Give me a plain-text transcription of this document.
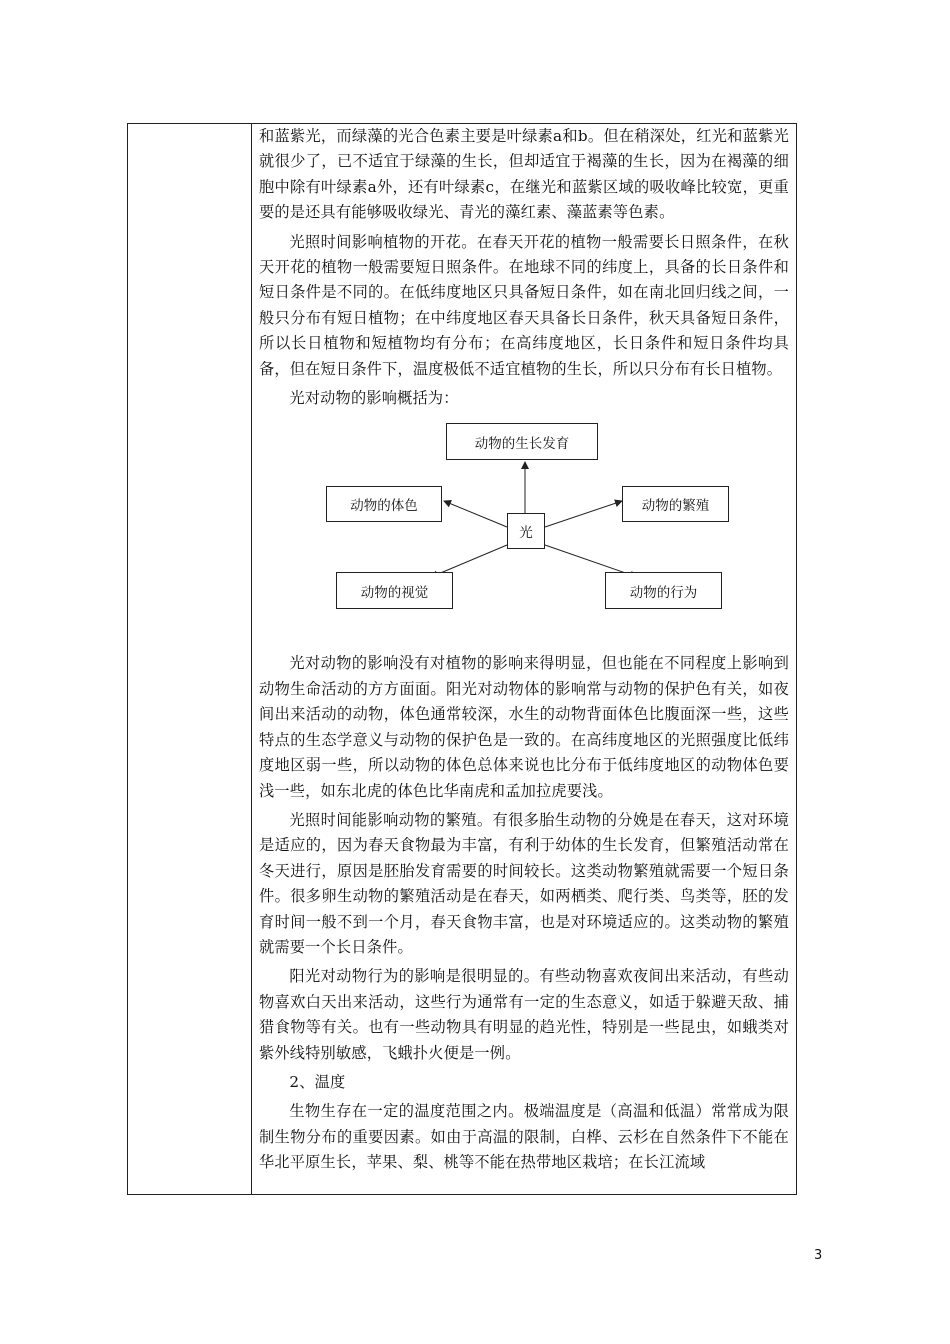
和蓝紫光，而绿藻的光合色素主要是叶绿素a和b。但在稍深处，红光和蓝紫光就很少了，已不适宜于绿藻的生长，但却适宜于褐藻的生长，因为在褐藻的细胞中除有叶绿素a外，还有叶绿素c，在继光和蓝紫区域的吸收峰比较宽，更重要的是还具有能够吸收绿光、青光的藻红素、藻蓝素等色素。

光照时间影响植物的开花。在春天开花的植物一般需要长日照条件，在秋天开花的植物一般需要短日照条件。在地球不同的纬度上，具备的长日条件和短日条件是不同的。在低纬度地区只具备短日条件，如在南北回归线之间，一般只分布有短日植物；在中纬度地区春天具备长日条件，秋天具备短日条件，所以长日植物和短植物均有分布；在高纬度地区，长日条件和短日条件均具备，但在短日条件下，温度极低不适宜植物的生长，所以只分布有长日植物。

光对动物的影响概括为：

动物的生长发育
动物的体色	动物的繁殖
光
动物的视觉	动物的行为

光对动物的影响没有对植物的影响来得明显，但也能在不同程度上影响到动物生命活动的方方面面。阳光对动物体的影响常与动物的保护色有关，如夜间出来活动的动物，体色通常较深，水生的动物背面体色比腹面深一些，这些特点的生态学意义与动物的保护色是一致的。在高纬度地区的光照强度比低纬度地区弱一些，所以动物的体色总体来说也比分布于低纬度地区的动物体色要浅一些，如东北虎的体色比华南虎和孟加拉虎要浅。

光照时间能影响动物的繁殖。有很多胎生动物的分娩是在春天，这对环境是适应的，因为春天食物最为丰富，有利于幼体的生长发育，但繁殖活动常在冬天进行，原因是胚胎发育需要的时间较长。这类动物繁殖就需要一个短日条件。很多卵生动物的繁殖活动是在春天，如两栖类、爬行类、鸟类等，胚的发育时间一般不到一个月，春天食物丰富，也是对环境适应的。这类动物的繁殖就需要一个长日条件。

阳光对动物行为的影响是很明显的。有些动物喜欢夜间出来活动，有些动物喜欢白天出来活动，这些行为通常有一定的生态意义，如适于躲避天敌、捕猎食物等有关。也有一些动物具有明显的趋光性，特别是一些昆虫，如蛾类对紫外线特别敏感，飞蛾扑火便是一例。

2、温度

生物生存在一定的温度范围之内。极端温度是（高温和低温）常常成为限制生物分布的重要因素。如由于高温的限制，白桦、云杉在自然条件下不能在华北平原生长，苹果、梨、桃等不能在热带地区栽培；在长江流域

3
